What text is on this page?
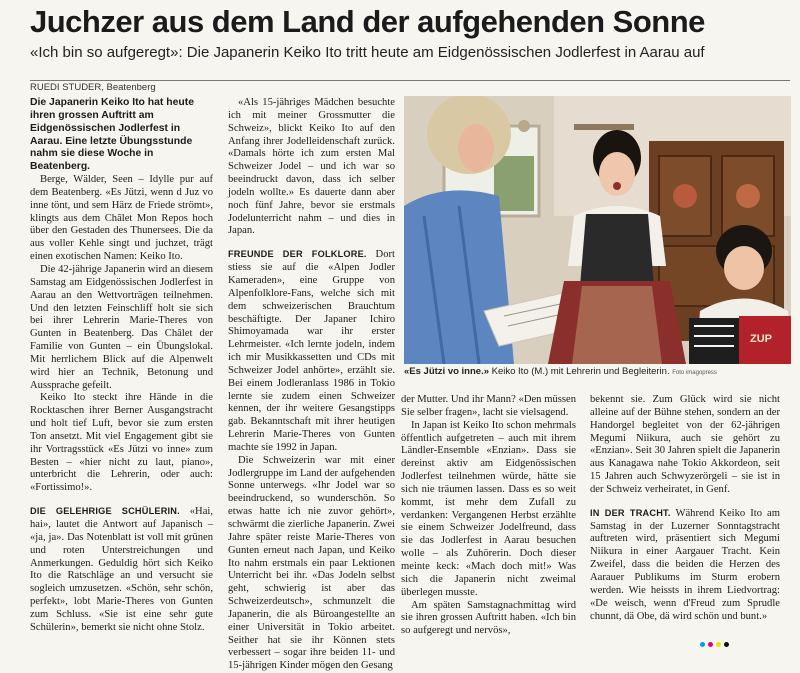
Juchzer aus dem Land der aufgehenden Sonne
«Ich bin so aufgeregt»: Die Japanerin Keiko Ito tritt heute am Eidgenössischen Jodlerfest in Aarau auf
RUEDI STUDER, Beatenberg

Die Japanerin Keiko Ito hat heute ihren grossen Auftritt am Eidgenössischen Jodlerfest in Aarau. Eine letzte Übungsstunde nahm sie diese Woche in Beatenberg.

Berge, Wälder, Seen – Idylle pur auf dem Beatenberg. «Es Jützi, wenn d Juz vo inne tönt, und sem Härz de Friede strömt», klingts aus dem Châlet Mon Repos hoch über den Gestaden des Thunersees. Die da aus voller Kehle singt und juchzet, trägt einen exotischen Namen: Keiko Ito.

Die 42-jährige Japanerin wird an diesem Samstag am Eidgenössischen Jodlerfest in Aarau an den Wettvorträgen teilnehmen. Und den letzten Feinschliff holt sie sich bei ihrer Lehrerin Marie-Theres von Gunten in Beatenberg. Das Châlet der Familie von Gunten – ein Übungslokal. Mit herrlichem Blick auf die Alpenwelt wird hier an Technik, Betonung und Aussprache gefeilt.

Keiko Ito steckt ihre Hände in die Rocktaschen ihrer Berner Ausgangstracht und holt tief Luft, bevor sie zum ersten Ton ansetzt. Mit viel Engagement gibt sie ihr Vortragsstück «Es Jützi vo inne» zum Besten – «hier nicht zu laut, piano», unterbricht die Lehrerin, oder auch: «Fortissimo!».

DIE GELEHRIGE SCHÜLERIN. «Hai, hai», lautet die Antwort auf Japanisch – «ja, ja». Das Notenblatt ist voll mit grünen und roten Unterstreichungen und Anmerkungen. Geduldig hört sich Keiko Ito die Ratschläge an und versucht sie sogleich umzusetzen. «Schön, sehr schön, perfekt», lobt Marie-Theres von Gunten zum Schluss. «Sie ist eine sehr gute Schülerin», bemerkt sie nicht ohne Stolz.

«Als 15-jähriges Mädchen besuchte ich mit meiner Grossmutter die Schweiz», blickt Keiko Ito auf den Anfang ihrer Jodelleidenschaft zurück. «Damals hörte ich zum ersten Mal Schweizer Jodel – und ich war so beeindruckt davon, dass ich selber jodeln wollte.» Es dauerte dann aber noch fünf Jahre, bevor sie erstmals Jodelunterricht nahm – und dies in Japan.

FREUNDE DER FOLKLORE. Dort stiess sie auf die «Alpen Jodler Kameraden», eine Gruppe von Alpenfolklore-Fans, welche sich mit dem schweizerischen Brauchtum beschäftigte. Der Japaner Ichiro Shimoyamada war ihr erster Lehrmeister. «Ich lernte jodeln, indem ich mir Musikkassetten und CDs mit Schweizer Jodel anhörte», erzählt sie. Bei einem Jodleranlass 1986 in Tokio lernte sie zudem einen Schweizer kennen, der ihr weitere Gesangstipps gab. Bekanntschaft mit ihrer heutigen Lehrerin Marie-Theres von Gunten machte sie 1992 in Japan.

Die Schweizerin war mit einer Jodlergruppe im Land der aufgehenden Sonne unterwegs. «Ihr Jodel war so beeindruckend, so wunderschön. So etwas hatte ich nie zuvor gehört», schwärmt die zierliche Japanerin. Zwei Jahre später reiste Marie-Theres von Gunten erneut nach Japan, und Keiko Ito nahm erstmals ein paar Lektionen Unterricht bei ihr. «Das Jodeln selbst geht, schwierig ist aber das Schweizerdeutsch», schmunzelt die Japanerin, die als Büroangestellte an einer Universität in Tokio arbeitet. Seither hat sie ihr Können stets verbessert – sogar ihre beiden 11- und 15-jährigen Kinder mögen den Gesang

ZUP
«Es Jützi vo inne.» Keiko Ito (M.) mit Lehrerin und Begleiterin. Foto imagopress

der Mutter. Und ihr Mann? «Den müssen Sie selber fragen», lacht sie vielsagend.

In Japan ist Keiko Ito schon mehrmals öffentlich aufgetreten – auch mit ihrem Ländler-Ensemble «Enzian». Dass sie dereinst aktiv am Eidgenössischen Jodlerfest teilnehmen würde, hätte sie sich nie träumen lassen. Dass es so weit kommt, ist mehr dem Zufall zu verdanken: Vergangenen Herbst erzählte sie einem Schweizer Jodelfreund, dass sie das Jodlerfest in Aarau besuchen wolle – als Zuhörerin. Doch dieser meinte keck: «Mach doch mit!» Was sich die Japanerin nicht zweimal überlegen musste.

Am späten Samstagnachmittag wird sie ihren grossen Auftritt haben. «Ich bin so aufgeregt und nervös»,

bekennt sie. Zum Glück wird sie nicht alleine auf der Bühne stehen, sondern an der Handorgel begleitet von der 62-jährigen Megumi Niikura, auch sie gehört zu «Enzian». Seit 30 Jahren spielt die Japanerin aus Kanagawa nahe Tokio Akkordeon, seit 15 Jahren auch Schwyzerörgeli – sie ist in der Schweiz verheiratet, in Genf.

IN DER TRACHT. Während Keiko Ito am Samstag in der Luzerner Sonntagstracht auftreten wird, präsentiert sich Megumi Niikura in einer Aargauer Tracht. Kein Zweifel, dass die beiden die Herzen des Aarauer Publikums im Sturm erobern werden. Wie heissts in ihrem Liedvortrag: «De weisch, wenn d'Freud zum Sprudle chunnt, dä Obe, dä wird schön und bunt.»
